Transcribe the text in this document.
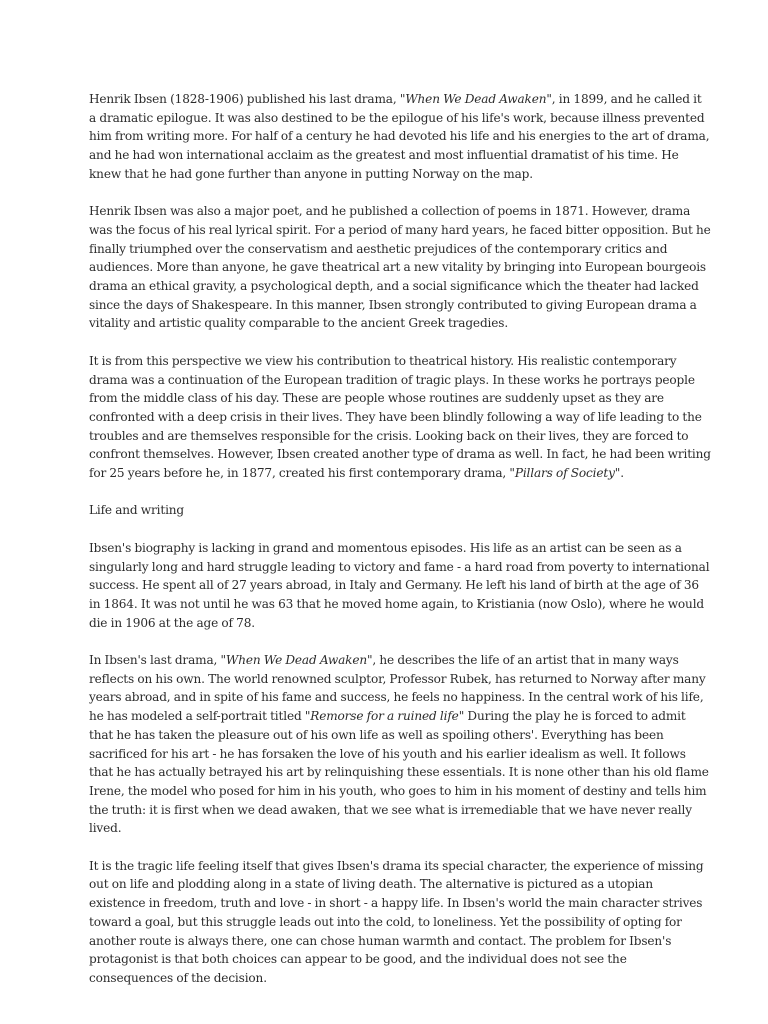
Henrik Ibsen (1828-1906) published his last drama, "When We Dead Awaken", in 1899, and he called it a dramatic epilogue. It was also destined to be the epilogue of his life's work, because illness prevented him from writing more. For half of a century he had devoted his life and his energies to the art of drama, and he had won international acclaim as the greatest and most influential dramatist of his time. He knew that he had gone further than anyone in putting Norway on the map.

Henrik Ibsen was also a major poet, and he published a collection of poems in 1871. However, drama was the focus of his real lyrical spirit. For a period of many hard years, he faced bitter opposition. But he finally triumphed over the conservatism and aesthetic prejudices of the contemporary critics and audiences. More than anyone, he gave theatrical art a new vitality by bringing into European bourgeois drama an ethical gravity, a psychological depth, and a social significance which the theater had lacked since the days of Shakespeare. In this manner, Ibsen strongly contributed to giving European drama a vitality and artistic quality comparable to the ancient Greek tragedies.

It is from this perspective we view his contribution to theatrical history. His realistic contemporary drama was a continuation of the European tradition of tragic plays. In these works he portrays people from the middle class of his day. These are people whose routines are suddenly upset as they are confronted with a deep crisis in their lives. They have been blindly following a way of life leading to the troubles and are themselves responsible for the crisis. Looking back on their lives, they are forced to confront themselves. However, Ibsen created another type of drama as well. In fact, he had been writing for 25 years before he, in 1877, created his first contemporary drama, "Pillars of Society".

Life and writing

Ibsen's biography is lacking in grand and momentous episodes. His life as an artist can be seen as a singularly long and hard struggle leading to victory and fame - a hard road from poverty to international success. He spent all of 27 years abroad, in Italy and Germany. He left his land of birth at the age of 36 in 1864. It was not until he was 63 that he moved home again, to Kristiania (now Oslo), where he would die in 1906 at the age of 78.

In Ibsen's last drama, "When We Dead Awaken", he describes the life of an artist that in many ways reflects on his own. The world renowned sculptor, Professor Rubek, has returned to Norway after many years abroad, and in spite of his fame and success, he feels no happiness. In the central work of his life, he has modeled a self-portrait titled "Remorse for a ruined life" During the play he is forced to admit that he has taken the pleasure out of his own life as well as spoiling others'. Everything has been sacrificed for his art - he has forsaken the love of his youth and his earlier idealism as well. It follows that he has actually betrayed his art by relinquishing these essentials. It is none other than his old flame Irene, the model who posed for him in his youth, who goes to him in his moment of destiny and tells him the truth: it is first when we dead awaken, that we see what is irremediable that we have never really lived.

It is the tragic life feeling itself that gives Ibsen's drama its special character, the experience of missing out on life and plodding along in a state of living death. The alternative is pictured as a utopian existence in freedom, truth and love - in short - a happy life. In Ibsen's world the main character strives toward a goal, but this struggle leads out into the cold, to loneliness. Yet the possibility of opting for another route is always there, one can chose human warmth and contact. The problem for Ibsen's protagonist is that both choices can appear to be good, and the individual does not see the consequences of the decision.
